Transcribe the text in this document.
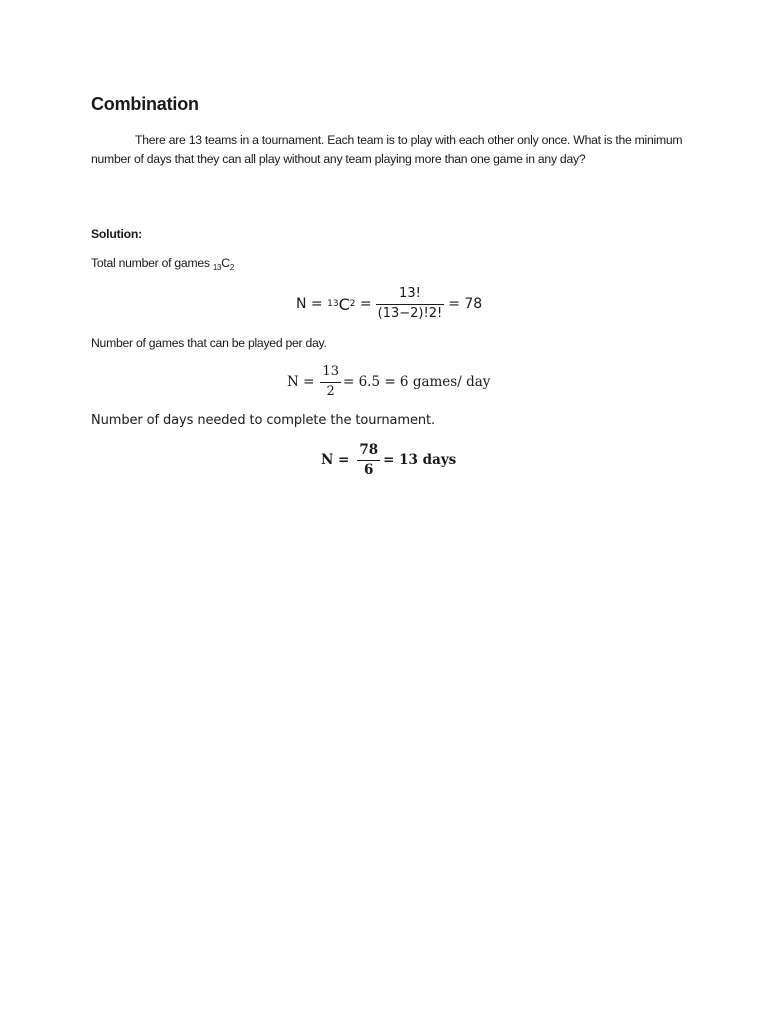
Combination

There are 13 teams in a tournament. Each team is to play with each other only once. What is the minimum number of days that they can all play without any team playing more than one game in any day?

Solution:
Total number of games $_{13}C_2$
N =
13 C 2
= $\frac{13!}{(13-2)!2!} = 78$
Number of games that can be played per day.
$N = \frac{13}{2} = 6.5 = 6$ games/ day
Number of days needed to complete the tournament.
$N = \frac{78}{6} = 13$ days
